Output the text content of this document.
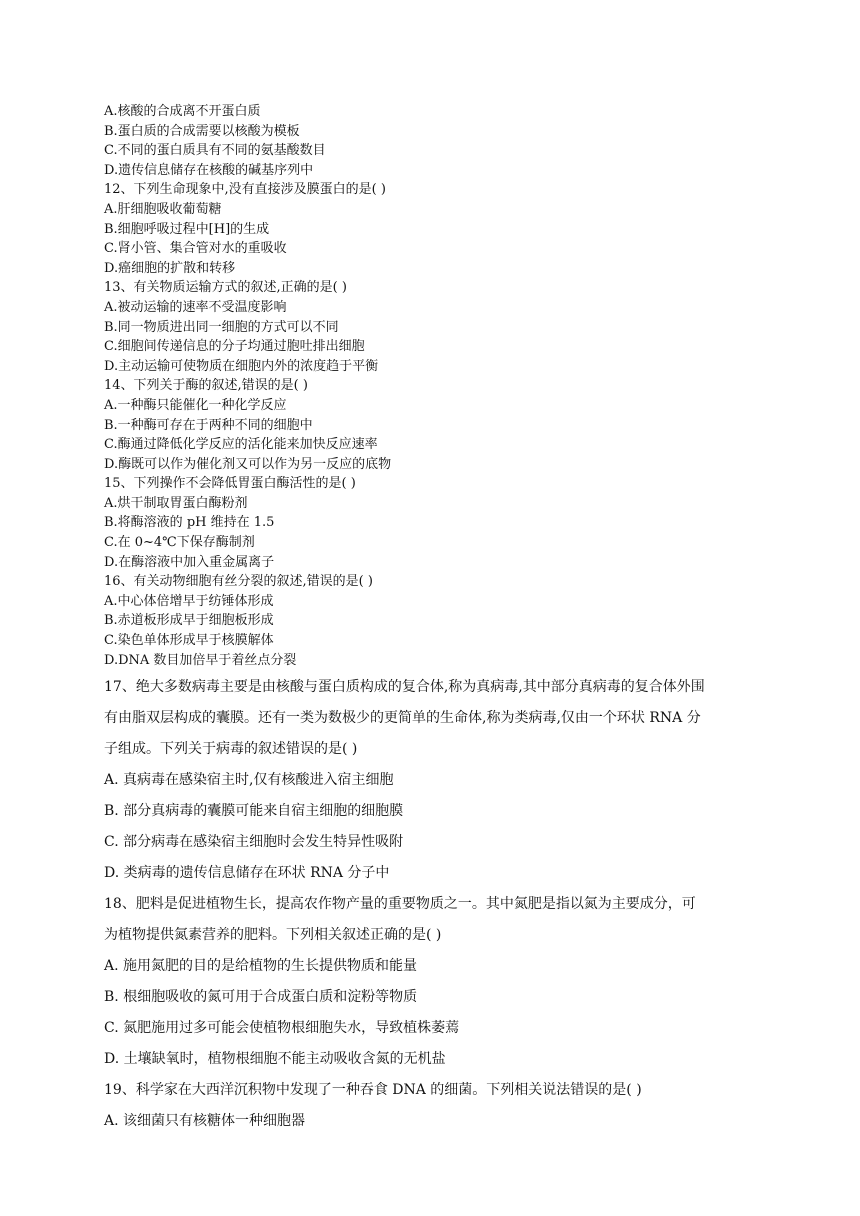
A.核酸的合成离不开蛋白质
B.蛋白质的合成需要以核酸为模板
C.不同的蛋白质具有不同的氨基酸数目
D.遗传信息储存在核酸的碱基序列中
12、下列生命现象中,没有直接涉及膜蛋白的是( )
A.肝细胞吸收葡萄糖
B.细胞呼吸过程中[H]的生成
C.肾小管、集合管对水的重吸收
D.癌细胞的扩散和转移
13、有关物质运输方式的叙述,正确的是( )
A.被动运输的速率不受温度影响
B.同一物质进出同一细胞的方式可以不同
C.细胞间传递信息的分子均通过胞吐排出细胞
D.主动运输可使物质在细胞内外的浓度趋于平衡
14、下列关于酶的叙述,错误的是( )
A.一种酶只能催化一种化学反应
B.一种酶可存在于两种不同的细胞中
C.酶通过降低化学反应的活化能来加快反应速率
D.酶既可以作为催化剂又可以作为另一反应的底物
15、下列操作不会降低胃蛋白酶活性的是( )
A.烘干制取胃蛋白酶粉剂
B.将酶溶液的 pH 维持在 1.5
C.在 0~4℃下保存酶制剂
D.在酶溶液中加入重金属离子
16、有关动物细胞有丝分裂的叙述,错误的是( )
A.中心体倍增早于纺锤体形成
B.赤道板形成早于细胞板形成
C.染色单体形成早于核膜解体
D.DNA 数目加倍早于着丝点分裂
17、绝大多数病毒主要是由核酸与蛋白质构成的复合体,称为真病毒,其中部分真病毒的复合体外围
有由脂双层构成的囊膜。还有一类为数极少的更简单的生命体,称为类病毒,仅由一个环状 RNA 分
子组成。下列关于病毒的叙述错误的是( )
A. 真病毒在感染宿主时,仅有核酸进入宿主细胞
B. 部分真病毒的囊膜可能来自宿主细胞的细胞膜
C. 部分病毒在感染宿主细胞时会发生特异性吸附
D. 类病毒的遗传信息储存在环状 RNA 分子中
18、肥料是促进植物生长，提高农作物产量的重要物质之一。其中氮肥是指以氮为主要成分，可
为植物提供氮素营养的肥料。下列相关叙述正确的是( )
A. 施用氮肥的目的是给植物的生长提供物质和能量
B. 根细胞吸收的氮可用于合成蛋白质和淀粉等物质
C. 氮肥施用过多可能会使植物根细胞失水，导致植株萎蔫
D. 土壤缺氧时，植物根细胞不能主动吸收含氮的无机盐
19、科学家在大西洋沉积物中发现了一种吞食 DNA 的细菌。下列相关说法错误的是( )
A. 该细菌只有核糖体一种细胞器
